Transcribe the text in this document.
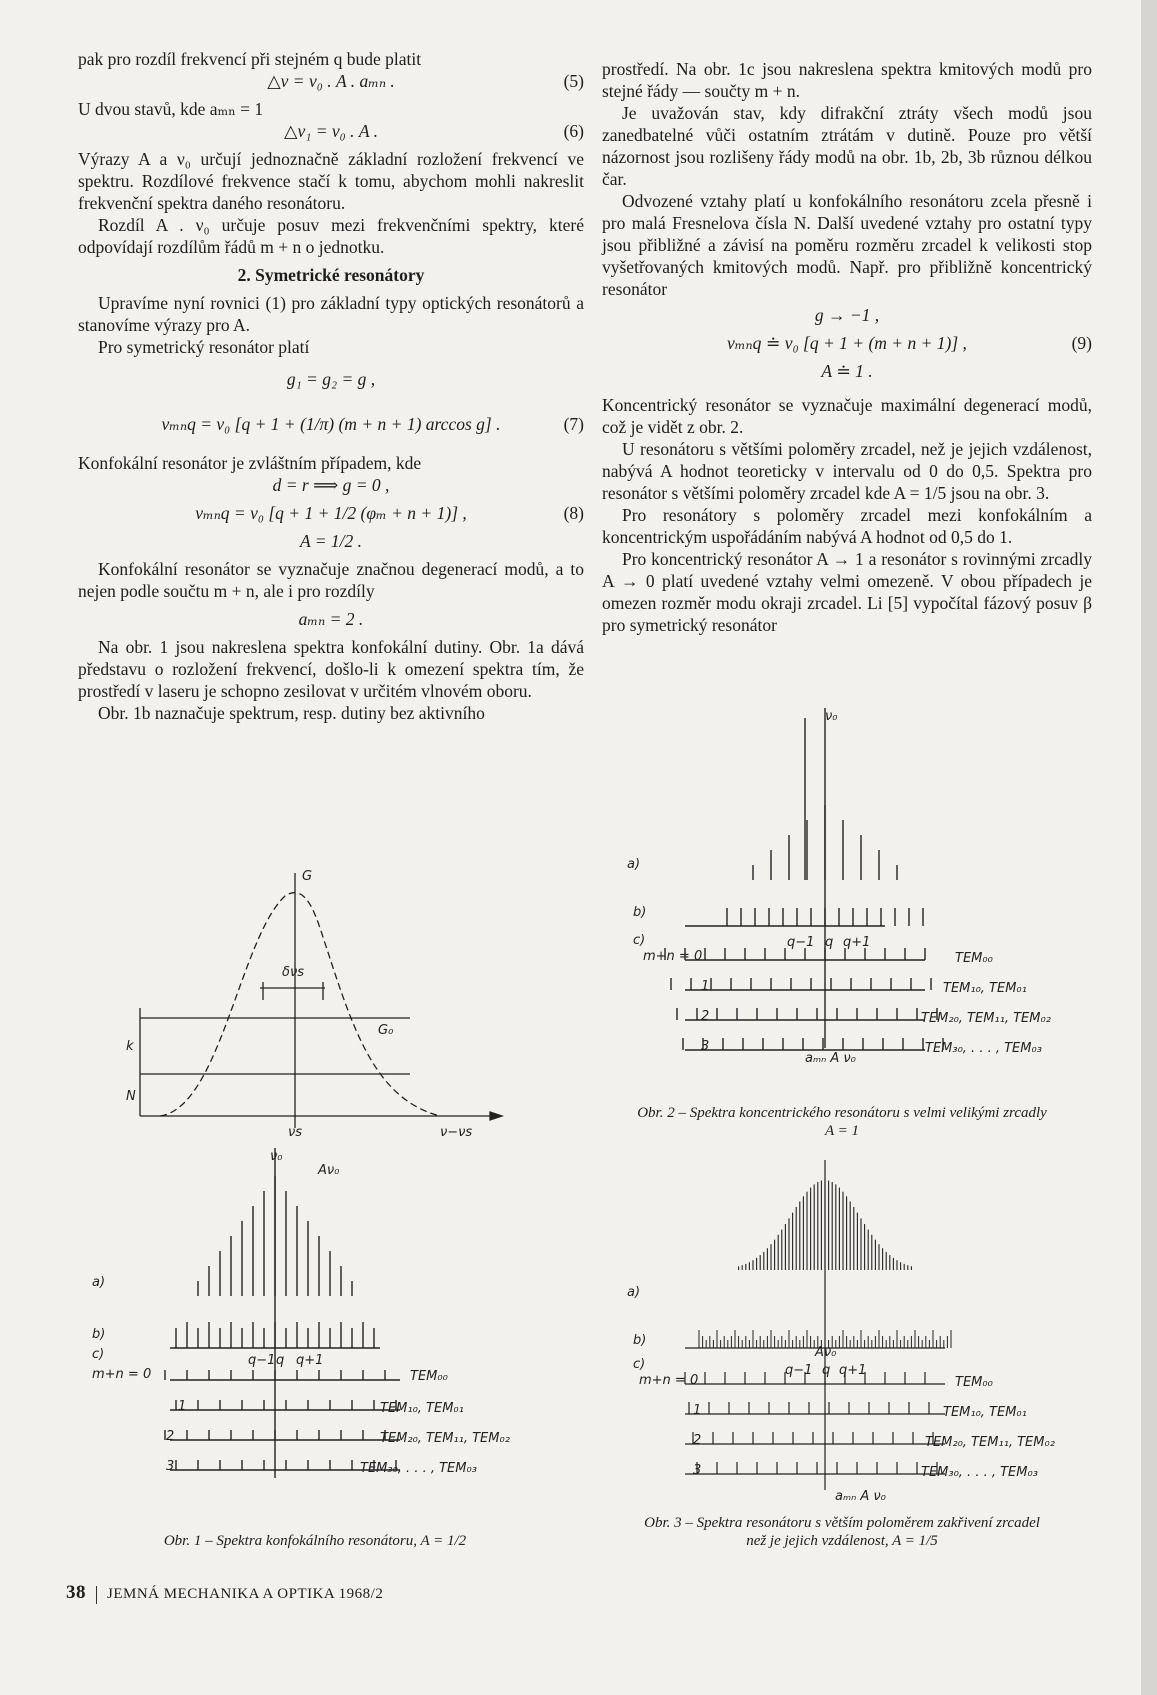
pak pro rozdíl frekvencí při stejném q bude platit

△ν = ν₀ . A . aₘₙ .	(5)

U dvou stavů, kde aₘₙ = 1

△ν₁ = ν₀ . A .	(6)

Výrazy A a ν₀ určují jednoznačně základní rozložení frekvencí ve spektru. Rozdílové frekvence stačí k tomu, abychom mohli nakreslit frekvenční spektra daného resonátoru.

Rozdíl A . ν₀ určuje posuv mezi frekvenčními spektry, které odpovídají rozdílům řádů m + n o jednotku.

2. Symetrické resonátory

Upravíme nyní rovnici (1) pro základní typy optických resonátorů a stanovíme výrazy pro A.

Pro symetrický resonátor platí

g₁ = g₂ = g ,
νₘₙq = ν₀ [q + 1 + (1/π) (m + n + 1) arccos g] .	(7)

Konfokální resonátor je zvláštním případem, kde

d = r ⟹ g = 0 ,
νₘₙq = ν₀ [q + 1 + 1/2 (φₘ + n + 1)] ,	(8)
A = 1/2 .

Konfokální resonátor se vyznačuje značnou degenerací modů, a to nejen podle součtu m + n, ale i pro rozdíly

aₘₙ = 2 .

Na obr. 1 jsou nakreslena spektra konfokální dutiny. Obr. 1a dává představu o rozložení frekvencí, došlo-li k omezení spektra tím, že prostředí v laseru je schopno zesilovat v určitém vlnovém oboru.

Obr. 1b naznačuje spektrum, resp. dutiny bez aktivního

prostředí. Na obr. 1c jsou nakreslena spektra kmitových modů pro stejné řády — součty m + n.

Je uvažován stav, kdy difrakční ztráty všech modů jsou zanedbatelné vůči ostatním ztrátám v dutině. Pouze pro větší názornost jsou rozlišeny řády modů na obr. 1b, 2b, 3b různou délkou čar.

Odvozené vztahy platí u konfokálního resonátoru zcela přesně i pro malá Fresnelova čísla N. Další uvedené vztahy pro ostatní typy jsou přibližné a závisí na poměru rozměru zrcadel k velikosti stop vyšetřovaných kmitových modů. Např. pro přibližně koncentrický resonátor

g → −1 ,
νₘₙq ≐ ν₀ [q + 1 + (m + n + 1)] ,	(9)
A ≐ 1 .

Koncentrický resonátor se vyznačuje maximální degenerací modů, což je vidět z obr. 2.

U resonátoru s většími poloměry zrcadel, než je jejich vzdálenost, nabývá A hodnot teoreticky v intervalu od 0 do 0,5. Spektra pro resonátor s většími poloměry zrcadel kde A = 1/5 jsou na obr. 3.

Pro resonátory s poloměry zrcadel mezi konfokálním a koncentrickým uspořádáním nabývá A hodnot od 0,5 do 1.

Pro koncentrický resonátor A → 1 a resonátor s rovinnými zrcadly A → 0 platí uvedené vztahy velmi omezeně. V obou případech je omezen rozměr modu okraji zrcadel. Li [5] vypočítal fázový posuv β pro symetrický resonátor

G
δνs
G₀
k
N
νs	ν−νs
ν₀
Aν₀
a)
b)
c)
m+n = 0
1
2
3
q−1 q q+1
TEM₀₀
TEM₁₀, TEM₀₁
TEM₂₀, TEM₁₁, TEM₀₂
TEM₃₀, . . . , TEM₀₃
Obr. 1 – Spektra konfokálního resonátoru, A = 1/2
ν₀
a)
b)
c)
m+n = 0
1
2
3
q−1 q q+1
TEM₀₀
TEM₁₀, TEM₀₁
TEM₂₀, TEM₁₁, TEM₀₂
TEM₃₀, . . . , TEM₀₃
aₘₙ A ν₀
Obr. 2 – Spektra koncentrického resonátoru s velmi velikými zrcadly
A = 1
a)
b)
c)
m+n = 0
1
2
3
Aν₀
q−1 q q+1
TEM₀₀
TEM₁₀, TEM₀₁
TEM₂₀, TEM₁₁, TEM₀₂
TEM₃₀, . . . , TEM₀₃
aₘₙ A ν₀
Obr. 3 – Spektra resonátoru s větším poloměrem zakřivení zrcadel
než je jejich vzdálenost, A = 1/5
38 JEMNÁ MECHANIKA A OPTIKA 1968/2
